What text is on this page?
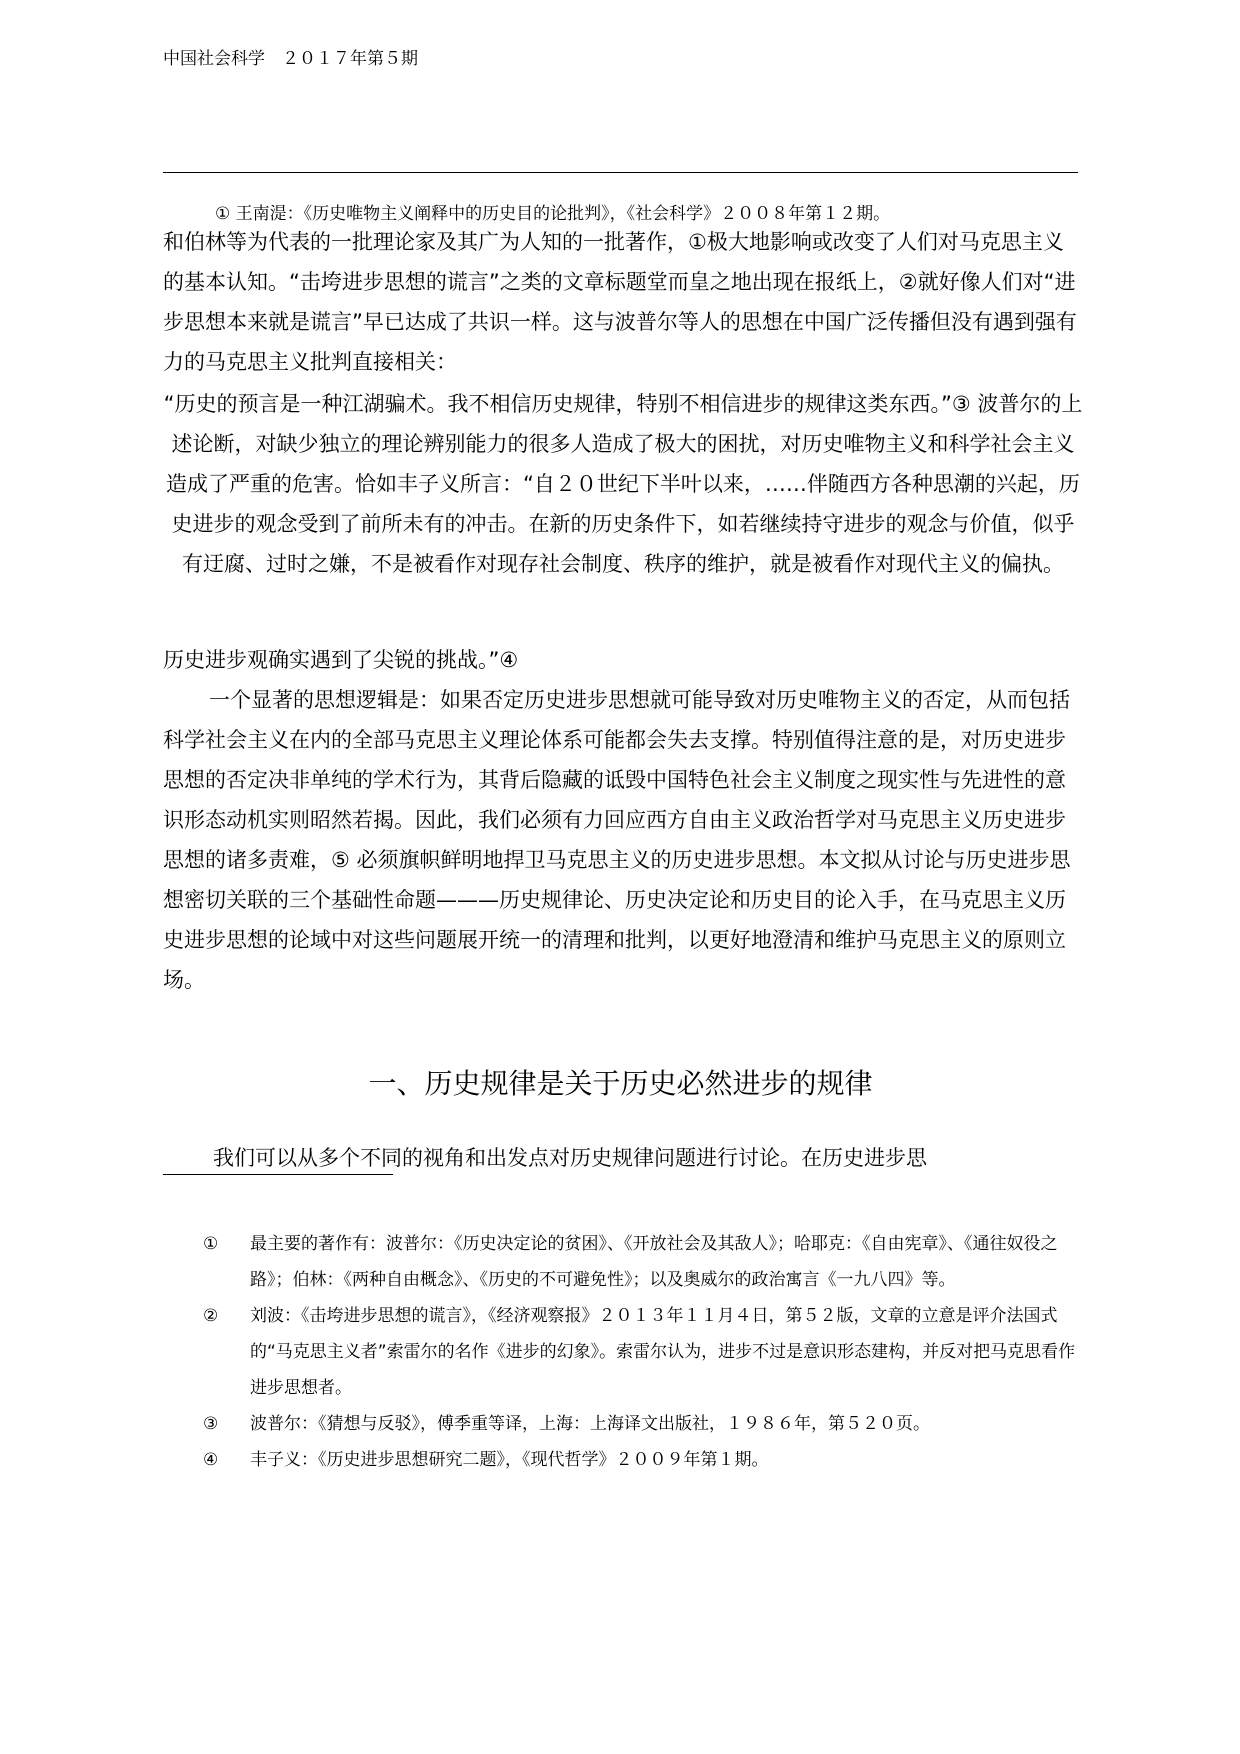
中国社会科学　２０１７年第５期
① 王南湜：《历史唯物主义阐释中的历史目的论批判》，《社会科学》２００８年第１２期。
和伯林等为代表的一批理论家及其广为人知的一批著作，①极大地影响或改变了人们对马克思主义的基本认知。“击垮进步思想的谎言”之类的文章标题堂而皇之地出现在报纸上，②就好像人们对“进步思想本来就是谎言”早已达成了共识一样。这与波普尔等人的思想在中国广泛传播但没有遇到强有力的马克思主义批判直接相关：
“历史的预言是一种江湖骗术。我不相信历史规律，特别不相信进步的规律这类东西。”③ 波普尔的上述论断，对缺少独立的理论辨别能力的很多人造成了极大的困扰，对历史唯物主义和科学社会主义造成了严重的危害。恰如丰子义所言：“自２０世纪下半叶以来，……伴随西方各种思潮的兴起，历史进步的观念受到了前所未有的冲击。在新的历史条件下，如若继续持守进步的观念与价值，似乎有迂腐、过时之嫌，不是被看作对现存社会制度、秩序的维护，就是被看作对现代主义的偏执。
历史进步观确实遇到了尖锐的挑战。”④
一个显著的思想逻辑是：如果否定历史进步思想就可能导致对历史唯物主义的否定，从而包括科学社会主义在内的全部马克思主义理论体系可能都会失去支撑。特别值得注意的是，对历史进步思想的否定决非单纯的学术行为，其背后隐藏的诋毁中国特色社会主义制度之现实性与先进性的意识形态动机实则昭然若揭。因此，我们必须有力回应西方自由主义政治哲学对马克思主义历史进步思想的诸多责难，⑤ 必须旗帜鲜明地捍卫马克思主义的历史进步思想。本文拟从讨论与历史进步思想密切关联的三个基础性命题———历史规律论、历史决定论和历史目的论入手，在马克思主义历史进步思想的论域中对这些问题展开统一的清理和批判，以更好地澄清和维护马克思主义的原则立场。
一、历史规律是关于历史必然进步的规律
我们可以从多个不同的视角和出发点对历史规律问题进行讨论。在历史进步思
①	最主要的著作有：波普尔：《历史决定论的贫困》、《开放社会及其敌人》；哈耶克：《自由宪章》、《通往奴役之路》；伯林：《两种自由概念》、《历史的不可避免性》；以及奥威尔的政治寓言《一九八四》等。
②	刘波：《击垮进步思想的谎言》，《经济观察报》２０１３年１１月４日，第５２版，文章的立意是评介法国式的“马克思主义者”索雷尔的名作《进步的幻象》。索雷尔认为，进步不过是意识形态建构，并反对把马克思看作进步思想者。
③	波普尔：《猜想与反驳》，傅季重等译，上海：上海译文出版社，１９８６年，第５２０页。
④	丰子义：《历史进步思想研究二题》，《现代哲学》２００９年第１期。
